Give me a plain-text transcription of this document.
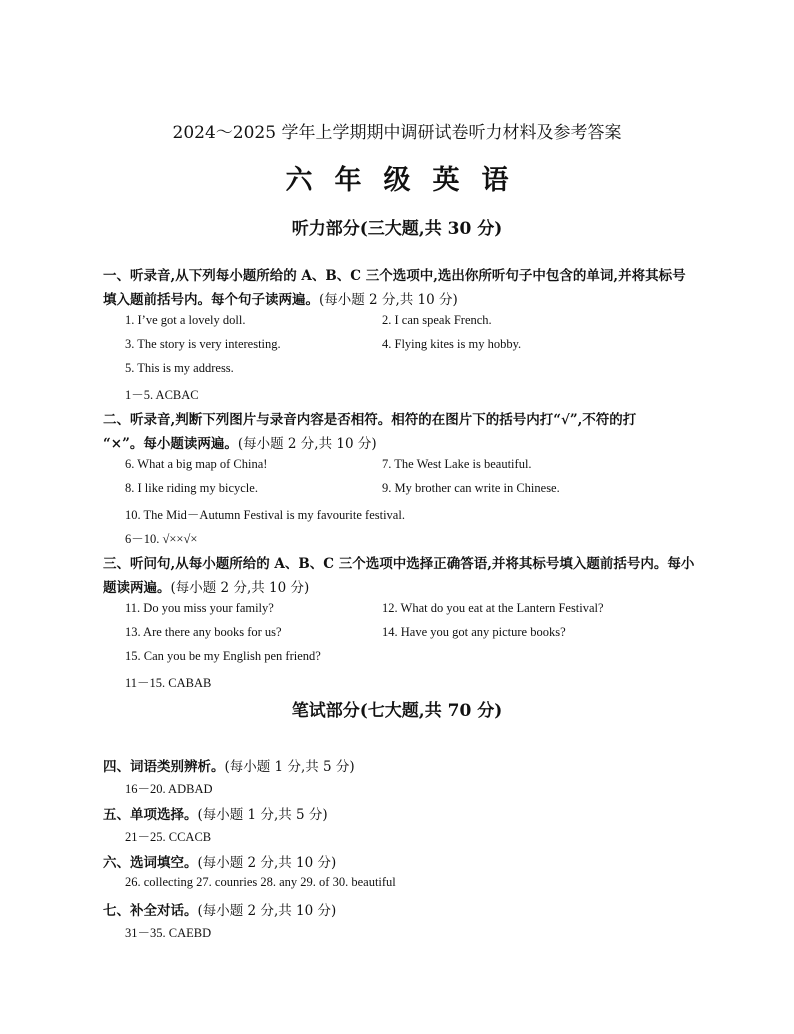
2024～2025 学年上学期期中调研试卷听力材料及参考答案
六年级英语
听力部分(三大题,共 30 分)
一、听录音,从下列每小题所给的 A、B、C 三个选项中,选出你所听句子中包含的单词,并将其标号
填入题前括号内。每个句子读两遍。(每小题 2 分,共 10 分)
1. I’ve got a lovely doll.	2. I can speak French.
3. The story is very interesting.	4. Flying kites is my hobby.
5. This is my address.
1－5. ACBAC
二、听录音,判断下列图片与录音内容是否相符。相符的在图片下的括号内打“√”,不符的打
“×”。每小题读两遍。(每小题 2 分,共 10 分)
6. What a big map of China!	7. The West Lake is beautiful.
8. I like riding my bicycle.	9. My brother can write in Chinese.
10. The Mid－Autumn Festival is my favourite festival.
6－10. √××√×
三、听问句,从每小题所给的 A、B、C 三个选项中选择正确答语,并将其标号填入题前括号内。每小
题读两遍。(每小题 2 分,共 10 分)
11. Do you miss your family?	12. What do you eat at the Lantern Festival?
13. Are there any books for us?	14. Have you got any picture books?
15. Can you be my English pen friend?
11－15. CABAB
笔试部分(七大题,共 70 分)
四、词语类别辨析。(每小题 1 分,共 5 分)
16－20. ADBAD
五、单项选择。(每小题 1 分,共 5 分)
21－25. CCACB
六、选词填空。(每小题 2 分,共 10 分)
26. collecting 27. counries 28. any 29. of 30. beautiful
七、补全对话。(每小题 2 分,共 10 分)
31－35. CAEBD
